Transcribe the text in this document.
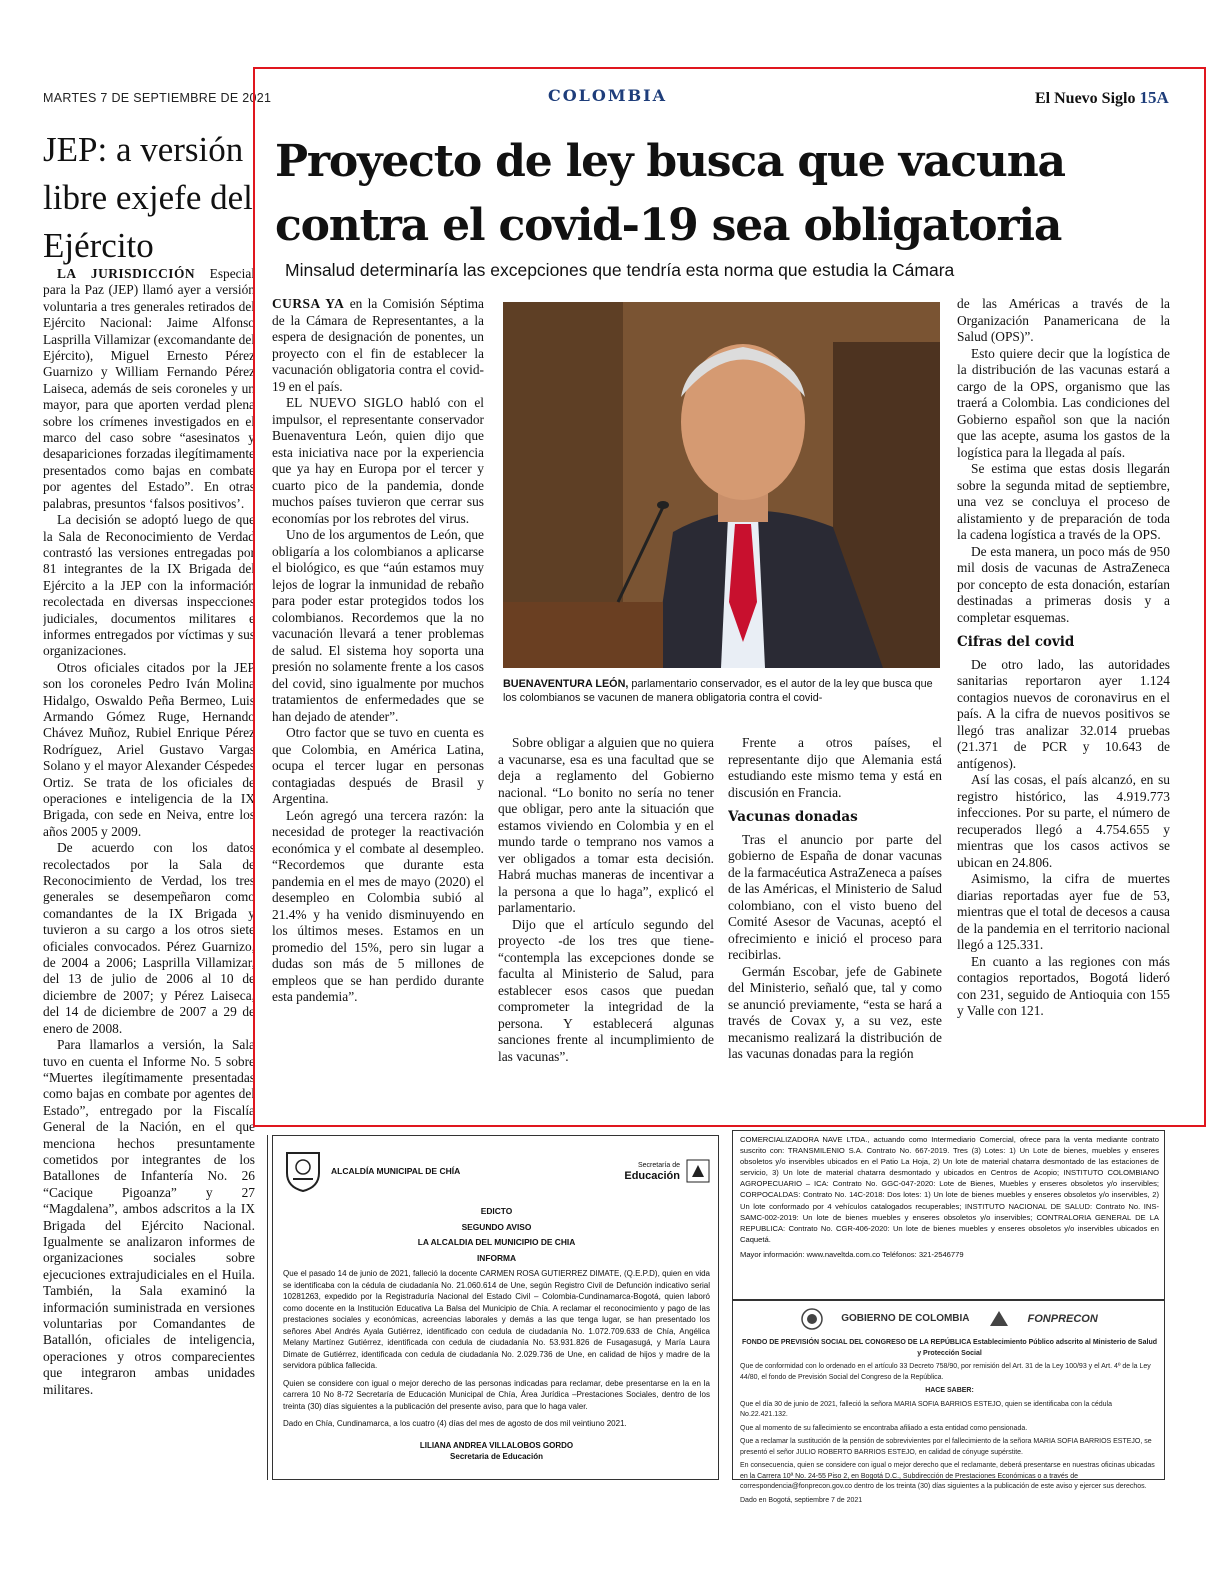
MARTES 7 DE SEPTIEMBRE DE 2021	COLOMBIA	El Nuevo Siglo 15A
JEP: a versión libre exjefe del Ejército

LA JURISDICCIÓN Especial para la Paz (JEP) llamó ayer a versión voluntaria a tres generales retirados del Ejército Nacional: Jaime Alfonso Lasprilla Villamizar (excomandante del Ejército), Miguel Ernesto Pérez Guarnizo y William Fernando Pérez Laiseca, además de seis coroneles y un mayor, para que aporten verdad plena sobre los crímenes investigados en el marco del caso sobre “asesinatos y desapariciones forzadas ilegítimamente presentados como bajas en combate por agentes del Estado”. En otras palabras, presuntos ‘falsos positivos’.

La decisión se adoptó luego de que la Sala de Reconocimiento de Verdad contrastó las versiones entregadas por 81 integrantes de la IX Brigada del Ejército a la JEP con la información recolectada en diversas inspecciones judiciales, documentos militares e informes entregados por víctimas y sus organizaciones.

Otros oficiales citados por la JEP son los coroneles Pedro Iván Molina Hidalgo, Oswaldo Peña Bermeo, Luis Armando Gómez Ruge, Hernando Chávez Muñoz, Rubiel Enrique Pérez Rodríguez, Ariel Gustavo Vargas Solano y el mayor Alexander Céspedes Ortiz. Se trata de los oficiales de operaciones e inteligencia de la IX Brigada, con sede en Neiva, entre los años 2005 y 2009.

De acuerdo con los datos recolectados por la Sala de Reconocimiento de Verdad, los tres generales se desempeñaron como comandantes de la IX Brigada y tuvieron a su cargo a los otros siete oficiales convocados. Pérez Guarnizo, de 2004 a 2006; Lasprilla Villamizar, del 13 de julio de 2006 al 10 de diciembre de 2007; y Pérez Laiseca, del 14 de diciembre de 2007 a 29 de enero de 2008.

Para llamarlos a versión, la Sala tuvo en cuenta el Informe No. 5 sobre “Muertes ilegítimamente presentadas como bajas en combate por agentes del Estado”, entregado por la Fiscalía General de la Nación, en el que menciona hechos presuntamente cometidos por integrantes de los Batallones de Infantería No. 26 “Cacique Pigoanza” y 27 “Magdalena”, ambos adscritos a la IX Brigada del Ejército Nacional. Igualmente se analizaron informes de organizaciones sociales sobre ejecuciones extrajudiciales en el Huila. También, la Sala examinó la información suministrada en versiones voluntarias por Comandantes de Batallón, oficiales de inteligencia, operaciones y otros comparecientes que integraron ambas unidades militares.

Proyecto de ley busca que vacuna contra el covid-19 sea obligatoria
Minsalud determinaría las excepciones que tendría esta norma que estudia la Cámara

CURSA YA en la Comisión Séptima de la Cámara de Representantes, a la espera de designación de ponentes, un proyecto con el fin de establecer la vacunación obligatoria contra el covid-19 en el país.

EL NUEVO SIGLO habló con el impulsor, el representante conservador Buenaventura León, quien dijo que esta iniciativa nace por la experiencia que ya hay en Europa por el tercer y cuarto pico de la pandemia, donde muchos países tuvieron que cerrar sus economías por los rebrotes del virus.

Uno de los argumentos de León, que obligaría a los colombianos a aplicarse el biológico, es que “aún estamos muy lejos de lograr la inmunidad de rebaño para poder estar protegidos todos los colombianos. Recordemos que la no vacunación llevará a tener problemas de salud. El sistema hoy soporta una presión no solamente frente a los casos del covid, sino igualmente por muchos tratamientos de enfermedades que se han dejado de atender”.

Otro factor que se tuvo en cuenta es que Colombia, en América Latina, ocupa el tercer lugar en personas contagiadas después de Brasil y Argentina.

León agregó una tercera razón: la necesidad de proteger la reactivación económica y el combate al desempleo. “Recordemos que durante esta pandemia en el mes de mayo (2020) el desempleo en Colombia subió al 21.4% y ha venido disminuyendo en los últimos meses. Estamos en un promedio del 15%, pero sin lugar a dudas son más de 5 millones de empleos que se han perdido durante esta pandemia”.

BUENAVENTURA LEÓN, parlamentario conservador, es el autor de la ley que busca que los colombianos se vacunen de manera obligatoria contra el covid-

Sobre obligar a alguien que no quiera a vacunarse, esa es una facultad que se deja a reglamento del Gobierno nacional. “Lo bonito no sería no tener que obligar, pero ante la situación que estamos viviendo en Colombia y en el mundo tarde o temprano nos vamos a ver obligados a tomar esta decisión. Habrá muchas maneras de incentivar a la persona a que lo haga”, explicó el parlamentario.

Dijo que el artículo segundo del proyecto -de los tres que tiene- “contempla las excepciones donde se faculta al Ministerio de Salud, para establecer esos casos que puedan comprometer la integridad de la persona. Y establecerá algunas sanciones frente al incumplimiento de las vacunas”.

Frente a otros países, el representante dijo que Alemania está estudiando este mismo tema y está en discusión en Francia.

Vacunas donadas

Tras el anuncio por parte del gobierno de España de donar vacunas de la farmacéutica AstraZeneca a países de las Américas, el Ministerio de Salud colombiano, con el visto bueno del Comité Asesor de Vacunas, aceptó el ofrecimiento e inició el proceso para recibirlas.

Germán Escobar, jefe de Gabinete del Ministerio, señaló que, tal y como se anunció previamente, “esta se hará a través de Covax y, a su vez, este mecanismo realizará la distribución de las vacunas donadas para la región

de las Américas a través de la Organización Panamericana de la Salud (OPS)”.

Esto quiere decir que la logística de la distribución de las vacunas estará a cargo de la OPS, organismo que las traerá a Colombia. Las condiciones del Gobierno español son que la nación que las acepte, asuma los gastos de la logística para la llegada al país.

Se estima que estas dosis llegarán sobre la segunda mitad de septiembre, una vez se concluya el proceso de alistamiento y de preparación de toda la cadena logística a través de la OPS.

De esta manera, un poco más de 950 mil dosis de vacunas de AstraZeneca por concepto de esta donación, estarían destinadas a primeras dosis y a completar esquemas.

Cifras del covid

De otro lado, las autoridades sanitarias reportaron ayer 1.124 contagios nuevos de coronavirus en el país. A la cifra de nuevos positivos se llegó tras analizar 32.014 pruebas (21.371 de PCR y 10.643 de antígenos).

Así las cosas, el país alcanzó, en su registro histórico, las 4.919.773 infecciones. Por su parte, el número de recuperados llegó a 4.754.655 y mientras que los casos activos se ubican en 24.806.

Asimismo, la cifra de muertes diarias reportadas ayer fue de 53, mientras que el total de decesos a causa de la pandemia en el territorio nacional llegó a 125.331.

En cuanto a las regiones con más contagios reportados, Bogotá lideró con 231, seguido de Antioquia con 155 y Valle con 121.

ALCALDÍA MUNICIPAL DE CHÍA	Secretaría de
Educación
EDICTO
SEGUNDO AVISO
LA ALCALDIA DEL MUNICIPIO DE CHIA
INFORMA

Que el pasado 14 de junio de 2021, falleció la docente CARMEN ROSA GUTIERREZ DIMATE, (Q.E.P.D), quien en vida se identificaba con la cédula de ciudadanía No. 21.060.614 de Une, según Registro Civil de Defunción indicativo serial 10281263, expedido por la Registraduría Nacional del Estado Civil – Colombia-Cundinamarca-Bogotá, quien laboró como docente en la Institución Educativa La Balsa del Municipio de Chía. A reclamar el reconocimiento y pago de las prestaciones sociales y económicas, acreencias laborales y demás a las que tenga lugar, se han presentado los señores Abel Andrés Ayala Gutiérrez, identificado con cedula de ciudadanía No. 1.072.709.633 de Chía, Angélica Melany Martínez Gutiérrez, identificada con cedula de ciudadanía No. 53.931.826 de Fusagasugá, y María Laura Dimate de Gutiérrez, identificada con cedula de ciudadanía No. 2.029.736 de Une, en calidad de hijos y madre de la servidora pública fallecida.

Quien se considere con igual o mejor derecho de las personas indicadas para reclamar, debe presentarse en la en la carrera 10 No 8-72 Secretaría de Educación Municipal de Chía, Área Jurídica –Prestaciones Sociales, dentro de los treinta (30) días siguientes a la publicación del presente aviso, para que lo haga valer.

Dado en Chía, Cundinamarca, a los cuatro (4) días del mes de agosto de dos mil veintiuno 2021.

LILIANA ANDREA VILLALOBOS GORDO
Secretaria de Educación

COMERCIALIZADORA NAVE LTDA., actuando como Intermediario Comercial, ofrece para la venta mediante contrato suscrito con: TRANSMILENIO S.A. Contrato No. 667-2019. Tres (3) Lotes: 1) Un Lote de bienes, muebles y enseres obsoletos y/o inservibles ubicados en el Patio La Hoja, 2) Un lote de material chatarra desmontado de las estaciones de servicio, 3) Un lote de material chatarra desmontado y ubicados en Centros de Acopio; INSTITUTO COLOMBIANO AGROPECUARIO – ICA: Contrato No. GGC-047-2020: Lote de Bienes, Muebles y enseres obsoletos y/o inservibles; CORPOCALDAS: Contrato No. 14C-2018: Dos lotes: 1) Un lote de bienes muebles y enseres obsoletos y/o inservibles, 2) Un lote conformado por 4 vehículos catalogados recuperables; INSTITUTO NACIONAL DE SALUD: Contrato No. INS-SAMC-002-2019: Un lote de bienes muebles y enseres obsoletos y/o inservibles; CONTRALORIA GENERAL DE LA REPUBLICA: Contrato No. CGR-406-2020: Un lote de bienes muebles y enseres obsoletos y/o inservibles ubicados en Caquetá.

Mayor información: www.naveltda.com.co Teléfonos: 321-2546779

GOBIERNO DE COLOMBIA	FONPRECON
FONDO DE PREVISIÓN SOCIAL DEL CONGRESO DE LA REPÚBLICA Establecimiento Público adscrito al Ministerio de Salud y Protección Social

Que de conformidad con lo ordenado en el artículo 33 Decreto 758/90, por remisión del Art. 31 de la Ley 100/93 y el Art. 4º de la Ley 44/80, el fondo de Previsión Social del Congreso de la República.

HACE SABER:

Que el día 30 de junio de 2021, falleció la señora MARIA SOFIA BARRIOS ESTEJO, quien se identificaba con la cédula No.22.421.132.

Que al momento de su fallecimiento se encontraba afiliado a esta entidad como pensionada.

Que a reclamar la sustitución de la pensión de sobrevivientes por el fallecimiento de la señora MARIA SOFIA BARRIOS ESTEJO, se presentó el señor JULIO ROBERTO BARRIOS ESTEJO, en calidad de cónyuge supérstite.

En consecuencia, quien se considere con igual o mejor derecho que el reclamante, deberá presentarse en nuestras oficinas ubicadas en la Carrera 10ª No. 24-55 Piso 2, en Bogotá D.C., Subdirección de Prestaciones Económicas o a través de correspondencia@fonprecon.gov.co dentro de los treinta (30) días siguientes a la publicación de este aviso y ejercer sus derechos.

Dado en Bogotá, septiembre 7 de 2021
